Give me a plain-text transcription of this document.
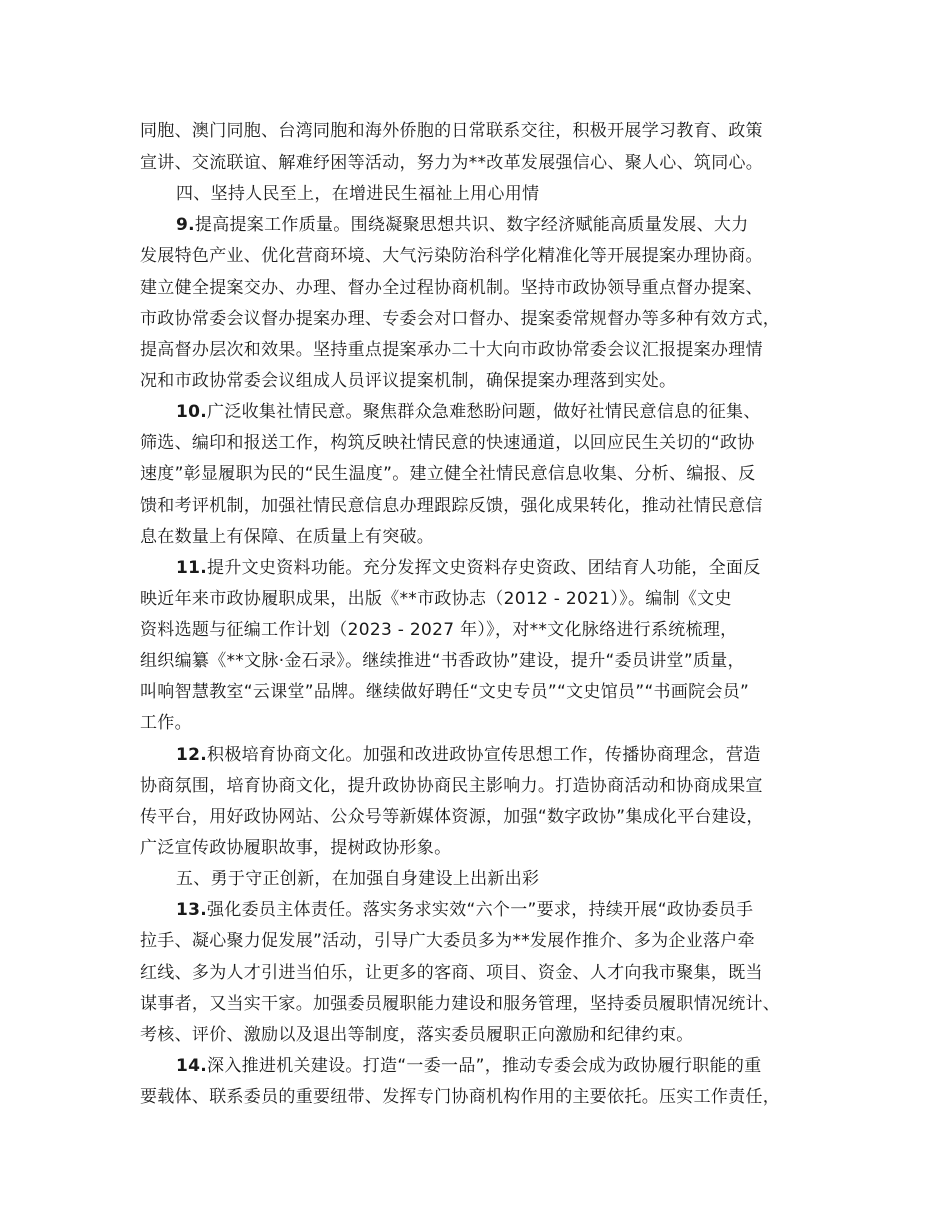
同胞、澳门同胞、台湾同胞和海外侨胞的日常联系交往，积极开展学习教育、政策
宣讲、交流联谊、解难纾困等活动，努力为**改革发展强信心、聚人心、筑同心。
四、坚持人民至上，在增进民生福祉上用心用情
9.提高提案工作质量。围绕凝聚思想共识、数字经济赋能高质量发展、大力
发展特色产业、优化营商环境、大气污染防治科学化精准化等开展提案办理协商。
建立健全提案交办、办理、督办全过程协商机制。坚持市政协领导重点督办提案、
市政协常委会议督办提案办理、专委会对口督办、提案委常规督办等多种有效方式，
提高督办层次和效果。坚持重点提案承办二十大向市政协常委会议汇报提案办理情
况和市政协常委会议组成人员评议提案机制，确保提案办理落到实处。
10.广泛收集社情民意。聚焦群众急难愁盼问题，做好社情民意信息的征集、
筛选、编印和报送工作，构筑反映社情民意的快速通道，以回应民生关切的“政协
速度”彰显履职为民的“民生温度”。建立健全社情民意信息收集、分析、编报、反
馈和考评机制，加强社情民意信息办理跟踪反馈，强化成果转化，推动社情民意信
息在数量上有保障、在质量上有突破。
11.提升文史资料功能。充分发挥文史资料存史资政、团结育人功能，全面反
映近年来市政协履职成果，出版《**市政协志（2012 - 2021）》。编制《文史
资料选题与征编工作计划（2023 - 2027 年）》，对**文化脉络进行系统梳理，
组织编纂《**文脉·金石录》。继续推进“书香政协”建设，提升“委员讲堂”质量，
叫响智慧教室“云课堂”品牌。继续做好聘任“文史专员”“文史馆员”“书画院会员”
工作。
12.积极培育协商文化。加强和改进政协宣传思想工作，传播协商理念，营造
协商氛围，培育协商文化，提升政协协商民主影响力。打造协商活动和协商成果宣
传平台，用好政协网站、公众号等新媒体资源，加强“数字政协”集成化平台建设，
广泛宣传政协履职故事，提树政协形象。
五、勇于守正创新，在加强自身建设上出新出彩
13.强化委员主体责任。落实务求实效“六个一”要求，持续开展“政协委员手
拉手、凝心聚力促发展”活动，引导广大委员多为**发展作推介、多为企业落户牵
红线、多为人才引进当伯乐，让更多的客商、项目、资金、人才向我市聚集，既当
谋事者，又当实干家。加强委员履职能力建设和服务管理，坚持委员履职情况统计、
考核、评价、激励以及退出等制度，落实委员履职正向激励和纪律约束。
14.深入推进机关建设。打造“一委一品”，推动专委会成为政协履行职能的重
要载体、联系委员的重要纽带、发挥专门协商机构作用的主要依托。压实工作责任，
